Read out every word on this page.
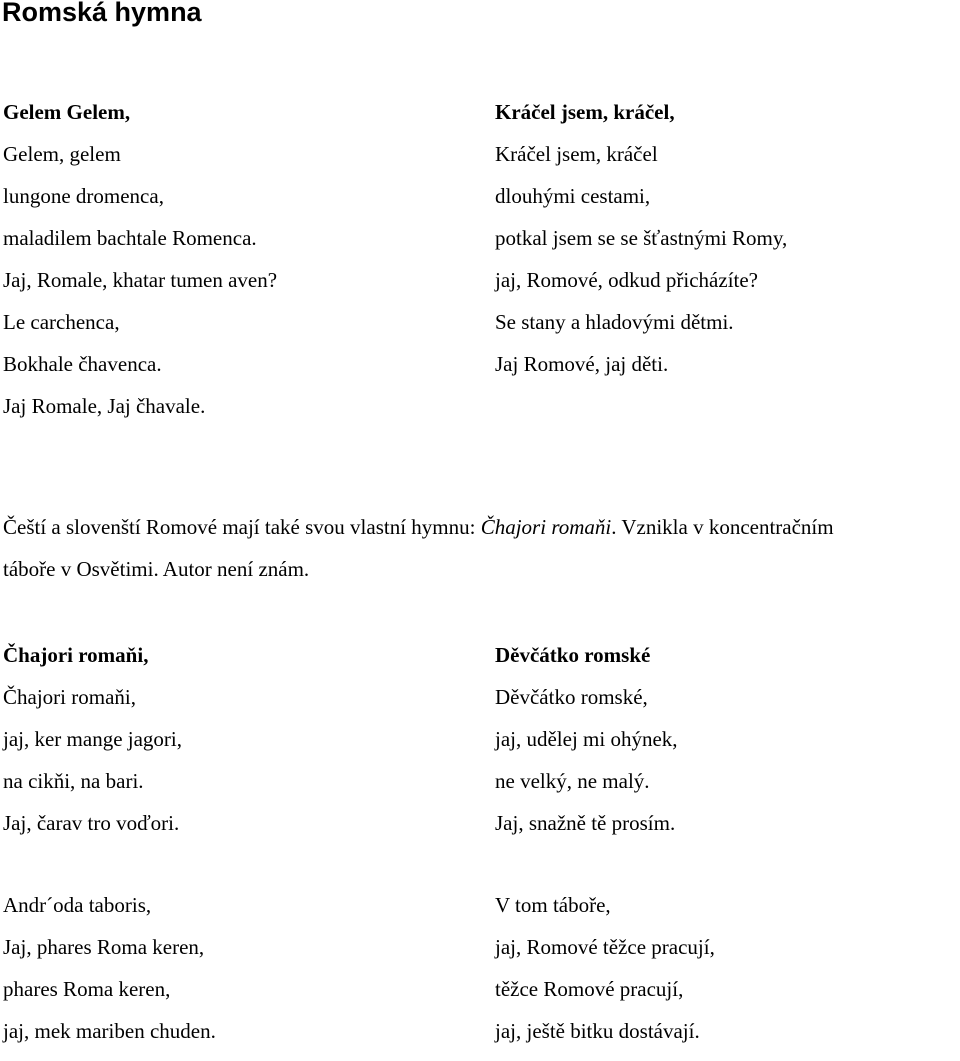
Romská hymna
Gelem Gelem,
Gelem, gelem
lungone dromenca,
maladilem bachtale Romenca.
Jaj, Romale, khatar tumen aven?
Le carchenca,
Bokhale čhavenca.
Jaj Romale, Jaj čhavale.
Kráčel jsem, kráčel,
Kráčel jsem, kráčel
dlouhými cestami,
potkal jsem se se šťastnými Romy,
jaj, Romové, odkud přicházíte?
Se stany a hladovými dětmi.
Jaj Romové, jaj děti.
Čeští a slovenští Romové mají také svou vlastní hymnu: Čhajori romaňi. Vznikla v koncentračním
táboře v Osvětimi. Autor není znám.
Čhajori romaňi,
Čhajori romaňi,
jaj, ker mange jagori,
na cikňi, na bari.
Jaj, čarav tro voďori.
Děvčátko romské
Děvčátko romské,
jaj, udělej mi ohýnek,
ne velký, ne malý.
Jaj, snažně tě prosím.
Andr´oda taboris,
Jaj, phares Roma keren,
phares Roma keren,
jaj, mek mariben chuden.
V tom táboře,
jaj, Romové těžce pracují,
těžce Romové pracují,
jaj, ještě bitku dostávají.
